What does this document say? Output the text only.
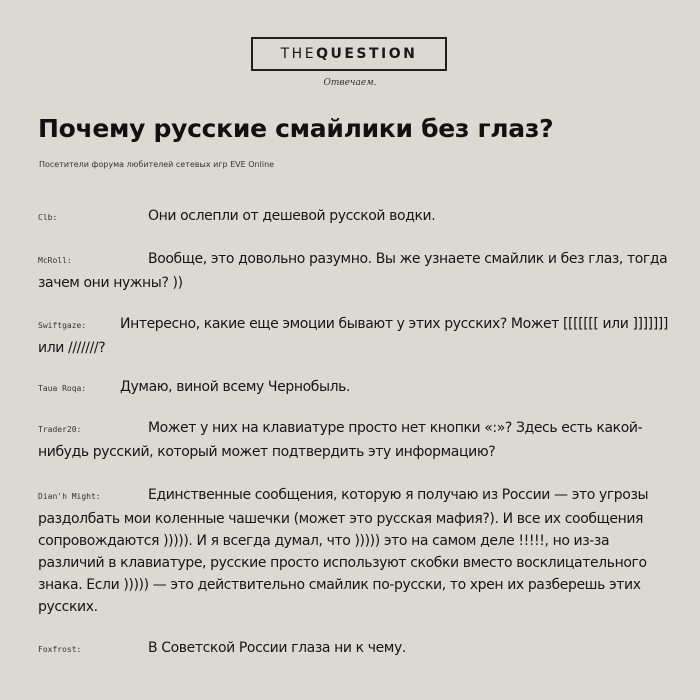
THEQUESTION
Отвечаем.
Почему русские смайлики без глаз?
Посетители форума любителей сетевых игр EVE Online
Clb:	Они ослепли от дешевой русской водки.
McRoll:	Вообще, это довольно разумно. Вы же узнаете смайлик и без глаз, тогда зачем они нужны? ))
Swiftgaze: Интересно, какие еще эмоции бывают у этих русских? Может [[[[[[[ или ]]]]]]] или ///////?
Taua Roqa: Думаю, виной всему Чернобыль.
Trader20:	Может у них на клавиатуре просто нет кнопки «:»? Здесь есть какой-нибудь русский, который может подтвердить эту информацию?
Dian'h Might:	Единственные сообщения, которую я получаю из России — это угрозы раздолбать мои коленные чашечки (может это русская мафия?). И все их сообщения сопровождаются ))))). И я всегда думал, что ))))) это на самом деле !!!!!, но из-за различий в клавиатуре, русские просто используют скобки вместо восклицательного знака. Если ))))) — это действительно смайлик по-русски, то хрен их разберешь этих русских.
Foxfrost:	В Советской России глаза ни к чему.
